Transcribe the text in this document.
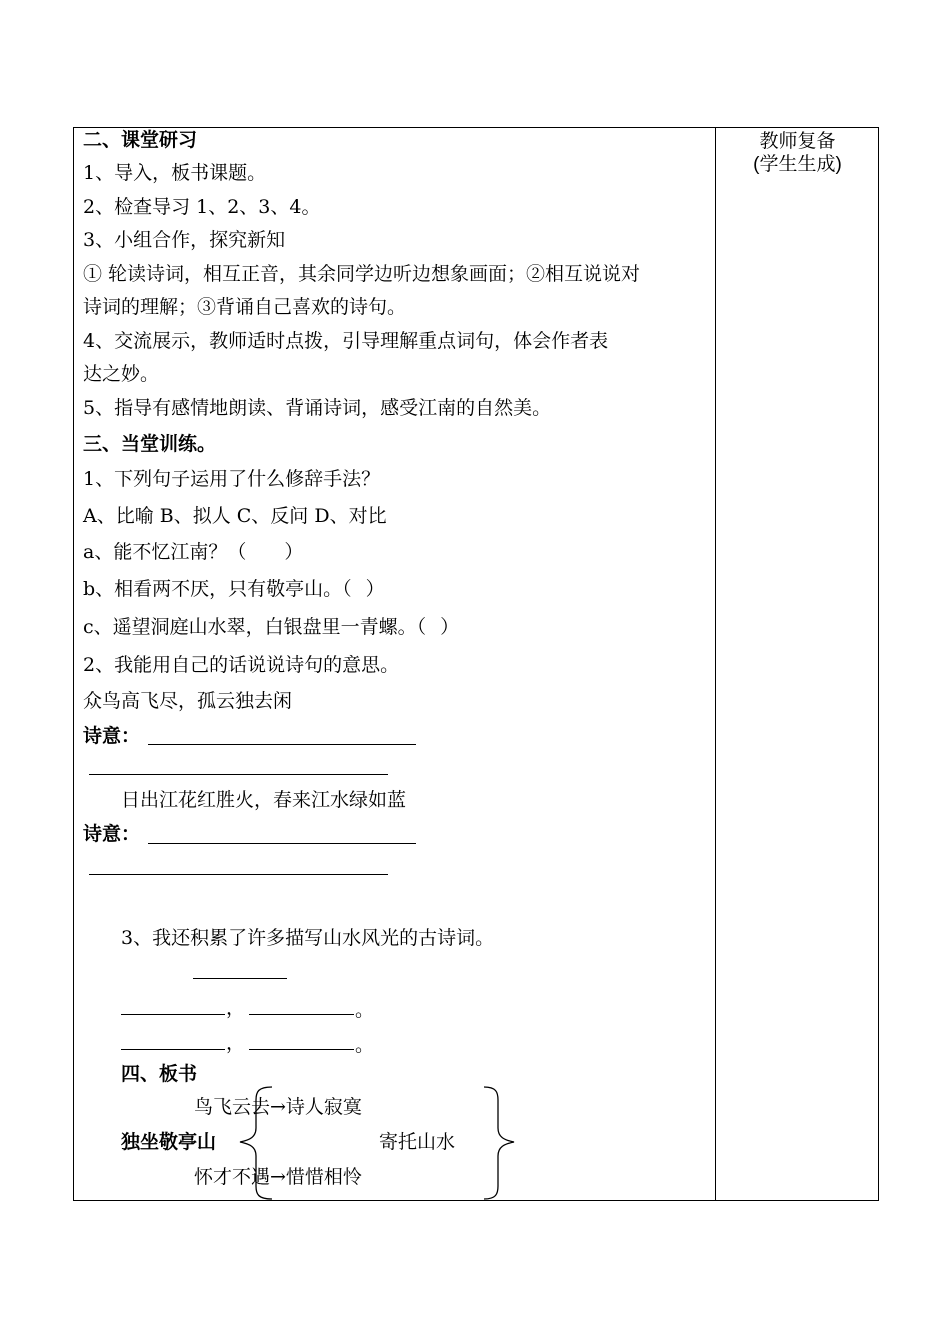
教师复备
(学生生成)
二、课堂研习
1、导入，板书课题。
2、检查导习 1、2、3、4。
3、小组合作，探究新知
① 轮读诗词，相互正音，其余同学边听边想象画面；②相互说说对
诗词的理解；③背诵自己喜欢的诗句。
4、交流展示，教师适时点拨，引导理解重点词句，体会作者表
达之妙。
5、指导有感情地朗读、背诵诗词，感受江南的自然美。
三、当堂训练。
1、下列句子运用了什么修辞手法？
A、比喻 B、拟人 C、反问 D、对比
a、能不忆江南？（ ）
b、相看两不厌，只有敬亭山。（ ）
c、遥望洞庭山水翠，白银盘里一青螺。（ ）
2、我能用自己的话说说诗句的意思。
众鸟高飞尽，孤云独去闲
诗意：
日出江花红胜火，春来江水绿如蓝
诗意：
3、我还积累了许多描写山水风光的古诗词。
，	。
，	。
四、板书
鸟飞云去→诗人寂寞
独坐敬亭山	寄托山水
怀才不遇→惜惜相怜
